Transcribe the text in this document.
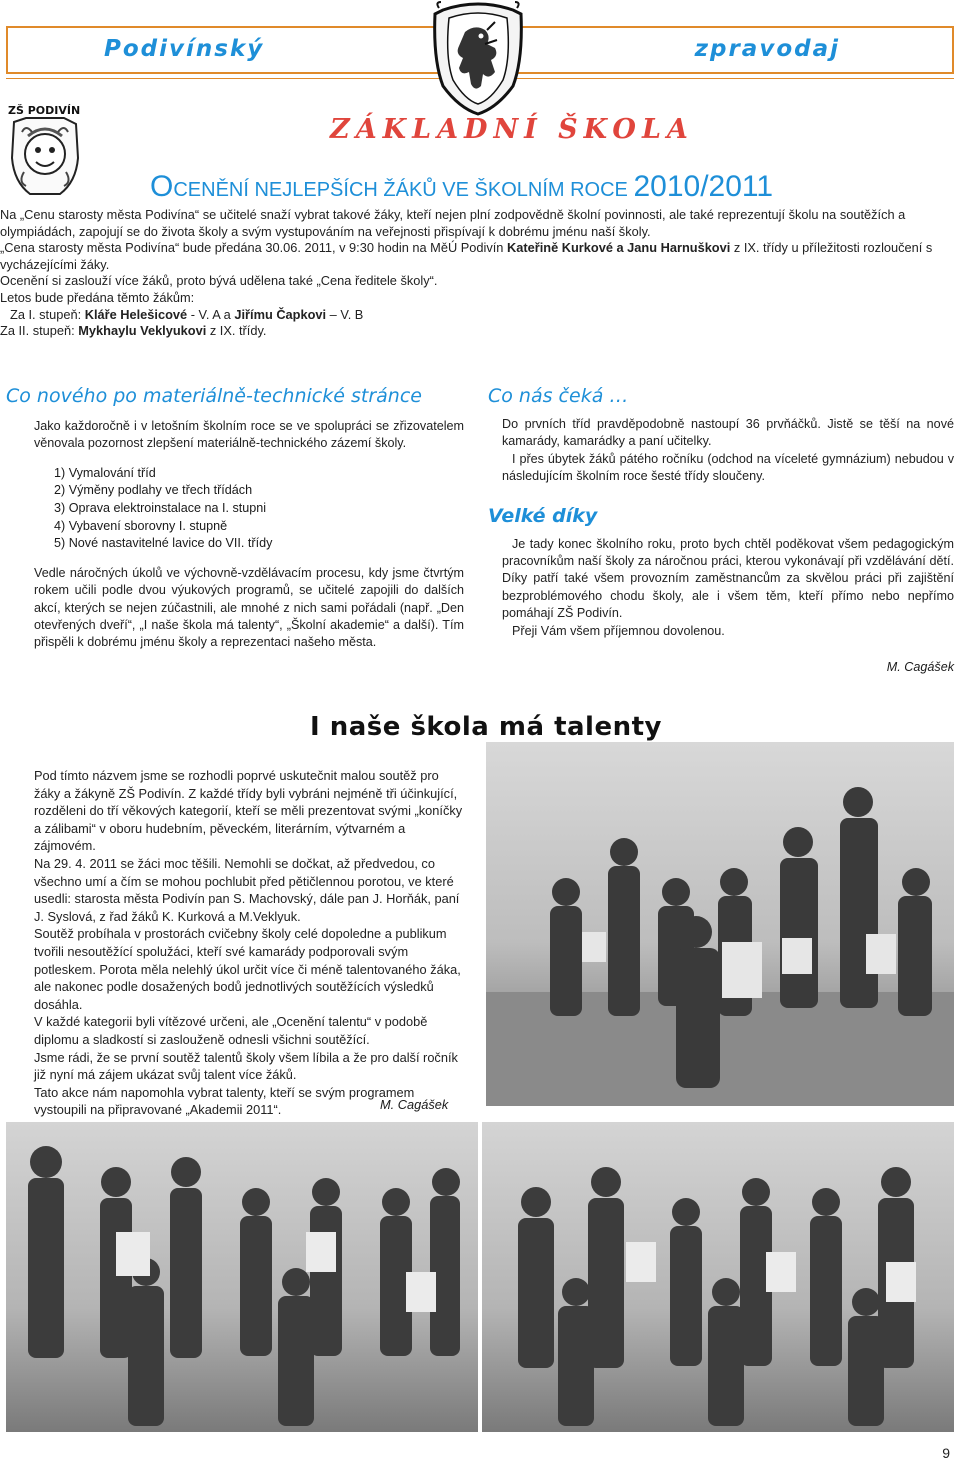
Podivínský	zpravodaj
ZŠ PODIVÍN
ZÁKLADNÍ ŠKOLA
OCENĚNÍ NEJLEPŠÍCH ŽÁKŮ VE ŠKOLNÍM ROCE 2010/2011

Na „Cenu starosty města Podivína“ se učitelé snaží vybrat takové žáky, kteří nejen plní zodpovědně školní povinnosti, ale také reprezentují školu na soutěžích a olympiádách, zapojují se do života školy a svým vystupováním na veřejnosti přispívají k dobrému jménu naší školy.

„Cena starosty města Podivína“ bude předána 30.06. 2011, v 9:30 hodin na MěÚ Podivín Kateřině Kurkové a Janu Harnuškovi z IX. třídy u příležitosti rozloučení s vycházejícími žáky.

Ocenění si zaslouží více žáků, proto bývá udělena také „Cena ředitele školy“.

Letos bude předána těmto žákům:

Za I. stupeň: Kláře Helešicové - V. A a Jiřímu Čapkovi – V. B

Za II. stupeň: Mykhaylu Veklyukovi z IX. třídy.

Co nového po materiálně-technické stránce
Jako každoročně i v letošním školním roce se ve spolupráci se zřizovatelem věnovala pozornost zlepšení materiálně-technického zázemí školy.
1) Vymalování tříd
2) Výměny podlahy ve třech třídách
3) Oprava elektroinstalace na I. stupni
4) Vybavení sborovny I. stupně
5) Nové nastavitelné lavice do VII. třídy
Vedle náročných úkolů ve výchovně-vzdělávacím procesu, kdy jsme čtvrtým rokem učili podle dvou výukových programů, se učitelé zapojili do dalších akcí, kterých se nejen zúčastnili, ale mnohé z nich sami pořádali (např. „Den otevřených dveří“, „I naše škola má talenty“, „Školní akademie“ a další). Tím přispěli k dobrému jménu školy a reprezentaci našeho města.
Co nás čeká …
Do prvních tříd pravděpodobně nastoupí 36 prvňáčků. Jistě se těší na nové kamarády, kamarádky a paní učitelky.
I přes úbytek žáků pátého ročníku (odchod na víceleté gymnázium) nebudou v následujícím školním roce šesté třídy sloučeny.
Velké díky
Je tady konec školního roku, proto bych chtěl poděkovat všem pedagogickým pracovníkům naší školy za náročnou práci, kterou vykonávají při vzdělávání dětí. Díky patří také všem provozním zaměstnancům za skvělou práci při zajištění bezproblémového chodu školy, ale i všem těm, kteří přímo nebo nepřímo pomáhají ZŠ Podivín.
Přeji Vám všem příjemnou dovolenou.
M. Cagášek
I naše škola má talenty

Pod tímto názvem jsme se rozhodli poprvé uskutečnit malou soutěž pro žáky a žákyně ZŠ Podivín. Z každé třídy byli vybráni nejméně tři účinkující, rozděleni do tří věkových kategorií, kteří se měli prezentovat svými „koníčky a zálibami“ v oboru hudebním, pěveckém, literárním, výtvarném a zájmovém.

Na 29. 4. 2011 se žáci moc těšili. Nemohli se dočkat, až předvedou, co všechno umí a čím se mohou pochlubit před pětičlennou porotou, ve které usedli: starosta města Podivín pan S. Machovský, dále pan J. Horňák, paní J. Syslová, z řad žáků K. Kurková a M.Veklyuk.

Soutěž probíhala v prostorách cvičebny školy celé dopoledne a publikum tvořili nesoutěžící spolužáci, kteří své kamarády podporovali svým potleskem. Porota měla nelehlý úkol určit více či méně talentovaného žáka, ale nakonec podle dosažených bodů jednotlivých soutěžících výsledků dosáhla.

V každé kategorii byli vítězové určeni, ale „Ocenění talentu“ v podobě diplomu a sladkostí si zaslouženě odnesli všichni soutěžící.

Jsme rádi, že se první soutěž talentů školy všem líbila a že pro další ročník již nyní má zájem ukázat svůj talent více žáků.

Tato akce nám napomohla vybrat talenty, kteří se svým programem vystoupili na připravované „Akademii 2011“.	M. Cagášek
9
